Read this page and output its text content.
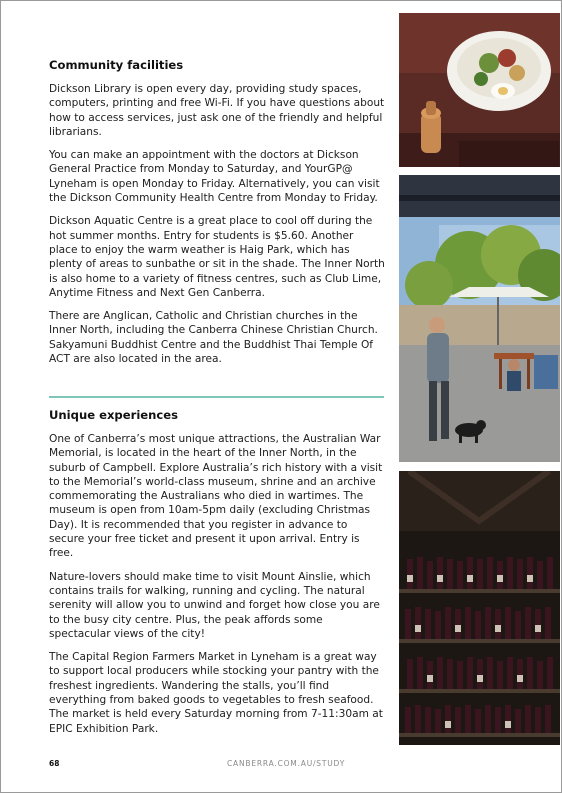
Community facilities

Dickson Library is open every day, providing study spaces, computers, printing and free Wi-Fi. If you have questions about how to access services, just ask one of the friendly and helpful librarians.

You can make an appointment with the doctors at Dickson General Practice from Monday to Saturday, and YourGP@ Lyneham is open Monday to Friday. Alternatively, you can visit the Dickson Community Health Centre from Monday to Friday.

Dickson Aquatic Centre is a great place to cool off during the hot summer months. Entry for students is $5.60. Another place to enjoy the warm weather is Haig Park, which has plenty of areas to sunbathe or sit in the shade. The Inner North is also home to a variety of fitness centres, such as Club Lime, Anytime Fitness and Next Gen Canberra.

There are Anglican, Catholic and Christian churches in the Inner North, including the Canberra Chinese Christian Church. Sakyamuni Buddhist Centre and the Buddhist Thai Temple Of ACT are also located in the area.

Unique experiences

One of Canberra’s most unique attractions, the Australian War Memorial, is located in the heart of the Inner North, in the suburb of Campbell. Explore Australia’s rich history with a visit to the Memorial’s world-class museum, shrine and an archive commemorating the Australians who died in wartimes. The museum is open from 10am-5pm daily (excluding Christmas Day). It is recommended that you register in advance to secure your free ticket and present it upon arrival. Entry is free.

Nature-lovers should make time to visit Mount Ainslie, which contains trails for walking, running and cycling. The natural serenity will allow you to unwind and forget how close you are to the busy city centre. Plus, the peak affords some spectacular views of the city!

The Capital Region Farmers Market in Lyneham is a great way to support local producers while stocking your pantry with the freshest ingredients. Wandering the stalls, you’ll find everything from baked goods to vegetables to fresh seafood. The market is held every Saturday morning from 7-11:30am at EPIC Exhibition Park.

68	CANBERRA.COM.AU/STUDY
